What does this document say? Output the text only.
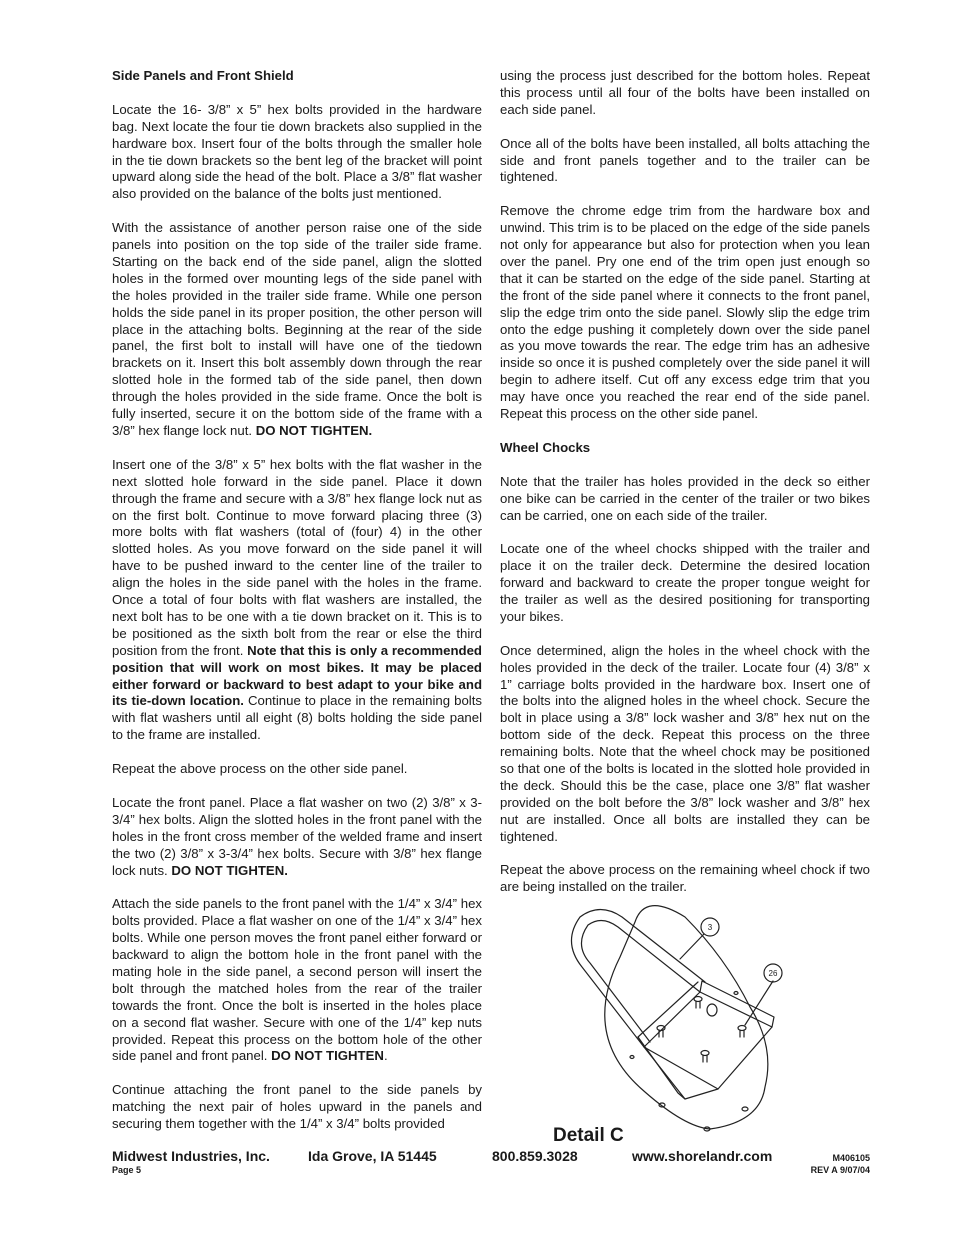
Side Panels and Front Shield

Locate the 16- 3/8” x 5” hex bolts provided in the hardware bag. Next locate the four tie down brackets also supplied in the hardware box. Insert four of the bolts through the smaller hole in the tie down brackets so the bent leg of the bracket will point upward along side the head of the bolt. Place a 3/8” flat washer also provided on the balance of the bolts just mentioned.

With the assistance of another person raise one of the side panels into position on the top side of the trailer side frame. Starting on the back end of the side panel, align the slotted holes in the formed over mounting legs of the side panel with the holes provided in the trailer side frame. While one person holds the side panel in its proper position, the other person will place in the attaching bolts. Beginning at the rear of the side panel, the first bolt to install will have one of the tiedown brackets on it. Insert this bolt assembly down through the rear slotted hole in the formed tab of the side panel, then down through the holes provided in the side frame. Once the bolt is fully inserted, secure it on the bottom side of the frame with a 3/8” hex flange lock nut. DO NOT TIGHTEN.

Insert one of the 3/8” x 5” hex bolts with the flat washer in the next slotted hole forward in the side panel. Place it down through the frame and secure with a 3/8” hex flange lock nut as on the first bolt. Continue to move forward placing three (3) more bolts with flat washers (total of (four) 4) in the other slotted holes. As you move forward on the side panel it will have to be pushed inward to the center line of the trailer to align the holes in the side panel with the holes in the frame. Once a total of four bolts with flat washers are installed, the next bolt has to be one with a tie down bracket on it. This is to be positioned as the sixth bolt from the rear or else the third position from the front. Note that this is only a recommended position that will work on most bikes. It may be placed either forward or backward to best adapt to your bike and its tie-down location. Continue to place in the remaining bolts with flat washers until all eight (8) bolts holding the side panel to the frame are installed.

Repeat the above process on the other side panel.

Locate the front panel. Place a flat washer on two (2) 3/8” x 3-3/4” hex bolts. Align the slotted holes in the front panel with the holes in the front cross member of the welded frame and insert the two (2) 3/8” x 3-3/4” hex bolts. Secure with 3/8” hex flange lock nuts. DO NOT TIGHTEN.

Attach the side panels to the front panel with the 1/4” x 3/4” hex bolts provided. Place a flat washer on one of the 1/4” x 3/4” hex bolts. While one person moves the front panel either forward or backward to align the bottom hole in the front panel with the mating hole in the side panel, a second person will insert the bolt through the matched holes from the rear of the trailer towards the front. Once the bolt is inserted in the holes place on a second flat washer. Secure with one of the 1/4” kep nuts provided. Repeat this process on the bottom hole of the other side panel and front panel. DO NOT TIGHTEN.

Continue attaching the front panel to the side panels by matching the next pair of holes upward in the panels and securing them together with the 1/4” x 3/4” bolts provided

using the process just described for the bottom holes. Repeat this process until all four of the bolts have been installed on each side panel.

Once all of the bolts have been installed, all bolts attaching the side and front panels together and to the trailer can be tightened.

Remove the chrome edge trim from the hardware box and unwind. This trim is to be placed on the edge of the side panels not only for appearance but also for protection when you lean over the panel. Pry one end of the trim open just enough so that it can be started on the edge of the side panel. Starting at the front of the side panel where it connects to the front panel, slip the edge trim onto the side panel. Slowly slip the edge trim onto the edge pushing it completely down over the side panel as you move towards the rear. The edge trim has an adhesive inside so once it is pushed completely over the side panel it will begin to adhere itself. Cut off any excess edge trim that you may have once you reached the rear end of the side panel. Repeat this process on the other side panel.

Wheel Chocks

Note that the trailer has holes provided in the deck so either one bike can be carried in the center of the trailer or two bikes can be carried, one on each side of the trailer.

Locate one of the wheel chocks shipped with the trailer and place it on the trailer deck. Determine the desired location forward and backward to create the proper tongue weight for the trailer as well as the desired positioning for transporting your bikes.

Once determined, align the holes in the wheel chock with the holes provided in the deck of the trailer. Locate four (4) 3/8” x 1” carriage bolts provided in the hardware box. Insert one of the bolts into the aligned holes in the wheel chock. Secure the bolt in place using a 3/8” lock washer and 3/8” hex nut on the bottom side of the deck. Repeat this process on the three remaining bolts. Note that the wheel chock may be positioned so that one of the bolts is located in the slotted hole provided in the deck. Should this be the case, place one 3/8” flat washer provided on the bolt before the 3/8” lock washer and 3/8” hex nut are installed. Once all bolts are installed they can be tightened.

Repeat the above process on the remaining wheel chock if two are being installed on the trailer.

3
26
Detail C
Midwest Industries, Inc.	Ida Grove, IA 51445	800.859.3028	www.shorelandr.com	M406105
Page 5	REV A 9/07/04
